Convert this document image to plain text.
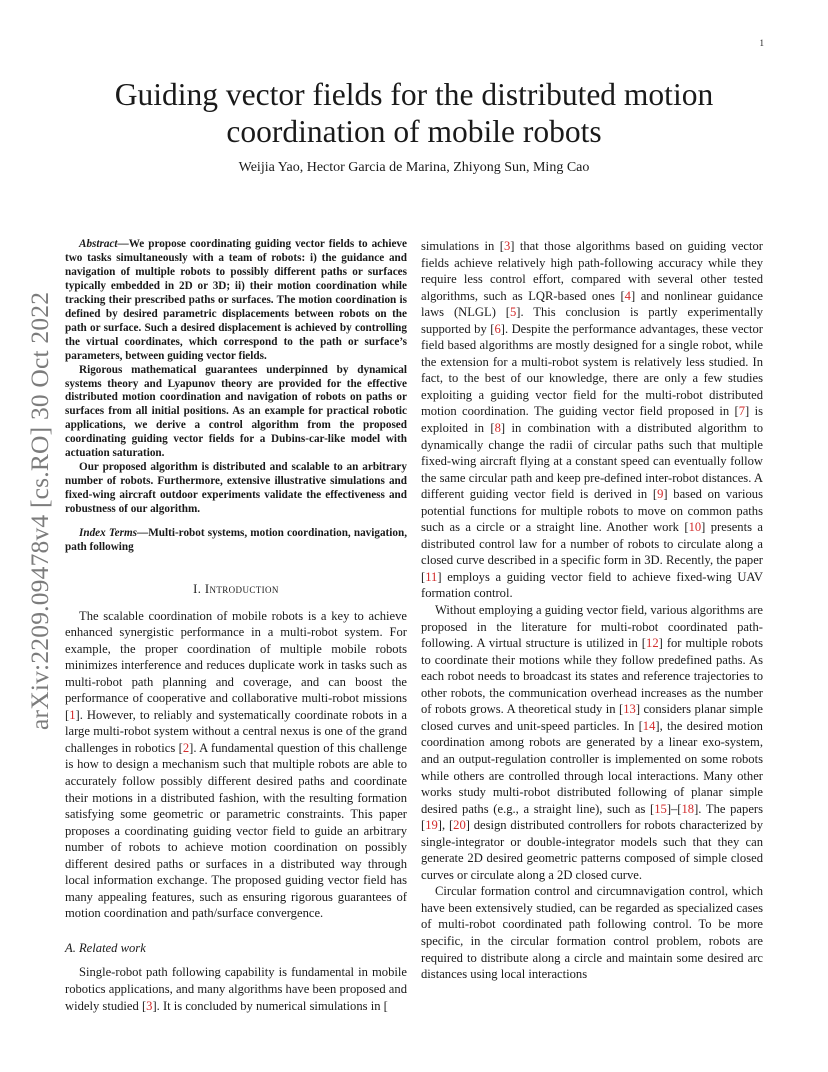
1
arXiv:2209.09478v4 [cs.RO] 30 Oct 2022
Guiding vector fields for the distributed motion
coordination of mobile robots

Weijia Yao, Hector Garcia de Marina, Zhiyong Sun, Ming Cao

Abstract—We propose coordinating guiding vector fields to achieve two tasks simultaneously with a team of robots: i) the guidance and navigation of multiple robots to possibly different paths or surfaces typically embedded in 2D or 3D; ii) their motion coordination while tracking their prescribed paths or surfaces. The motion coordination is defined by desired parametric displacements between robots on the path or surface. Such a desired displacement is achieved by controlling the virtual coordinates, which correspond to the path or surface’s parameters, between guiding vector fields.

Rigorous mathematical guarantees underpinned by dynamical systems theory and Lyapunov theory are provided for the effective distributed motion coordination and navigation of robots on paths or surfaces from all initial positions. As an example for practical robotic applications, we derive a control algorithm from the proposed coordinating guiding vector fields for a Dubins-car-like model with actuation saturation.

Our proposed algorithm is distributed and scalable to an arbitrary number of robots. Furthermore, extensive illustrative simulations and fixed-wing aircraft outdoor experiments validate the effectiveness and robustness of our algorithm.

Index Terms—Multi-robot systems, motion coordination, navigation, path following

I. Introduction

The scalable coordination of mobile robots is a key to achieve enhanced synergistic performance in a multi-robot system. For example, the proper coordination of multiple mobile robots minimizes interference and reduces duplicate work in tasks such as multi-robot path planning and coverage, and can boost the performance of cooperative and collaborative multi-robot missions [1]. However, to reliably and systematically coordinate robots in a large multi-robot system without a central nexus is one of the grand challenges in robotics [2]. A fundamental question of this challenge is how to design a mechanism such that multiple robots are able to accurately follow possibly different desired paths and coordinate their motions in a distributed fashion, with the resulting formation satisfying some geometric or parametric constraints. This paper proposes a coordinating guiding vector field to guide an arbitrary number of robots to achieve motion coordination on possibly different desired paths or surfaces in a distributed way through local information exchange. The proposed guiding vector field has many appealing features, such as ensuring rigorous guarantees of motion coordination and path/surface convergence.

A. Related work

Single-robot path following capability is fundamental in mobile robotics applications, and many algorithms have been proposed and widely studied [3]. It is concluded by numerical simulations in [

simulations in [3] that those algorithms based on guiding vector fields achieve relatively high path-following accuracy while they require less control effort, compared with several other tested algorithms, such as LQR-based ones [4] and nonlinear guidance laws (NLGL) [5]. This conclusion is partly experimentally supported by [6]. Despite the performance advantages, these vector field based algorithms are mostly designed for a single robot, while the extension for a multi-robot system is relatively less studied. In fact, to the best of our knowledge, there are only a few studies exploiting a guiding vector field for the multi-robot distributed motion coordination. The guiding vector field proposed in [7] is exploited in [8] in combination with a distributed algorithm to dynamically change the radii of circular paths such that multiple fixed-wing aircraft flying at a constant speed can eventually follow the same circular path and keep pre-defined inter-robot distances. A different guiding vector field is derived in [9] based on various potential functions for multiple robots to move on common paths such as a circle or a straight line. Another work [10] presents a distributed control law for a number of robots to circulate along a closed curve described in a specific form in 3D. Recently, the paper [11] employs a guiding vector field to achieve fixed-wing UAV formation control.

Without employing a guiding vector field, various algorithms are proposed in the literature for multi-robot coordinated path-following. A virtual structure is utilized in [12] for multiple robots to coordinate their motions while they follow predefined paths. As each robot needs to broadcast its states and reference trajectories to other robots, the communication overhead increases as the number of robots grows. A theoretical study in [13] considers planar simple closed curves and unit-speed particles. In [14], the desired motion coordination among robots are generated by a linear exo-system, and an output-regulation controller is implemented on some robots while others are controlled through local interactions. Many other works study multi-robot distributed following of planar simple desired paths (e.g., a straight line), such as [15]–[18]. The papers [19], [20] design distributed controllers for robots characterized by single-integrator or double-integrator models such that they can generate 2D desired geometric patterns composed of simple closed curves or circulate along a 2D closed curve.

Circular formation control and circumnavigation control, which have been extensively studied, can be regarded as specialized cases of multi-robot coordinated path following control. To be more specific, in the circular formation control problem, robots are required to distribute along a circle and maintain some desired arc distances using local interactions
